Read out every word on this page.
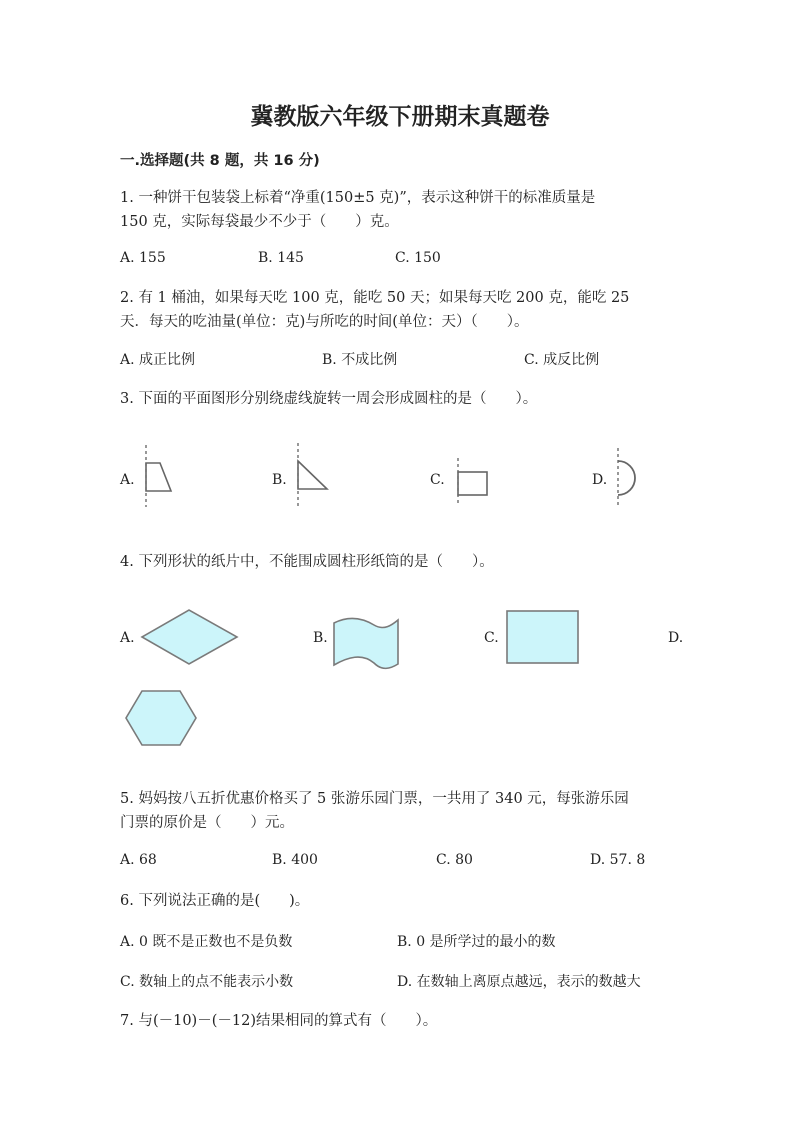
冀教版六年级下册期末真题卷
一.选择题(共 8 题，共 16 分)
1. 一种饼干包装袋上标着“净重(150±5 克)”，表示这种饼干的标准质量是
150 克，实际每袋最少不少于（　　）克。
A. 155	B. 145	C. 150
2. 有 1 桶油，如果每天吃 100 克，能吃 50 天；如果每天吃 200 克，能吃 25
天．每天的吃油量(单位：克)与所吃的时间(单位：天）（　　）。
A. 成正比例	B. 不成比例	C. 成反比例
3. 下面的平面图形分别绕虚线旋转一周会形成圆柱的是（　　）。
A.	B.	C.	D.
4. 下列形状的纸片中，不能围成圆柱形纸筒的是（　　）。
A.	B.	C.	D.
5. 妈妈按八五折优惠价格买了 5 张游乐园门票，一共用了 340 元，每张游乐园
门票的原价是（　　）元。
A. 68	B. 400	C. 80	D. 57. 8
6. 下列说法正确的是(　　)。
A. 0 既不是正数也不是负数	B. 0 是所学过的最小的数
C. 数轴上的点不能表示小数	D. 在数轴上离原点越远，表示的数越大
7. 与(－10)－(－12)结果相同的算式有（　　）。
